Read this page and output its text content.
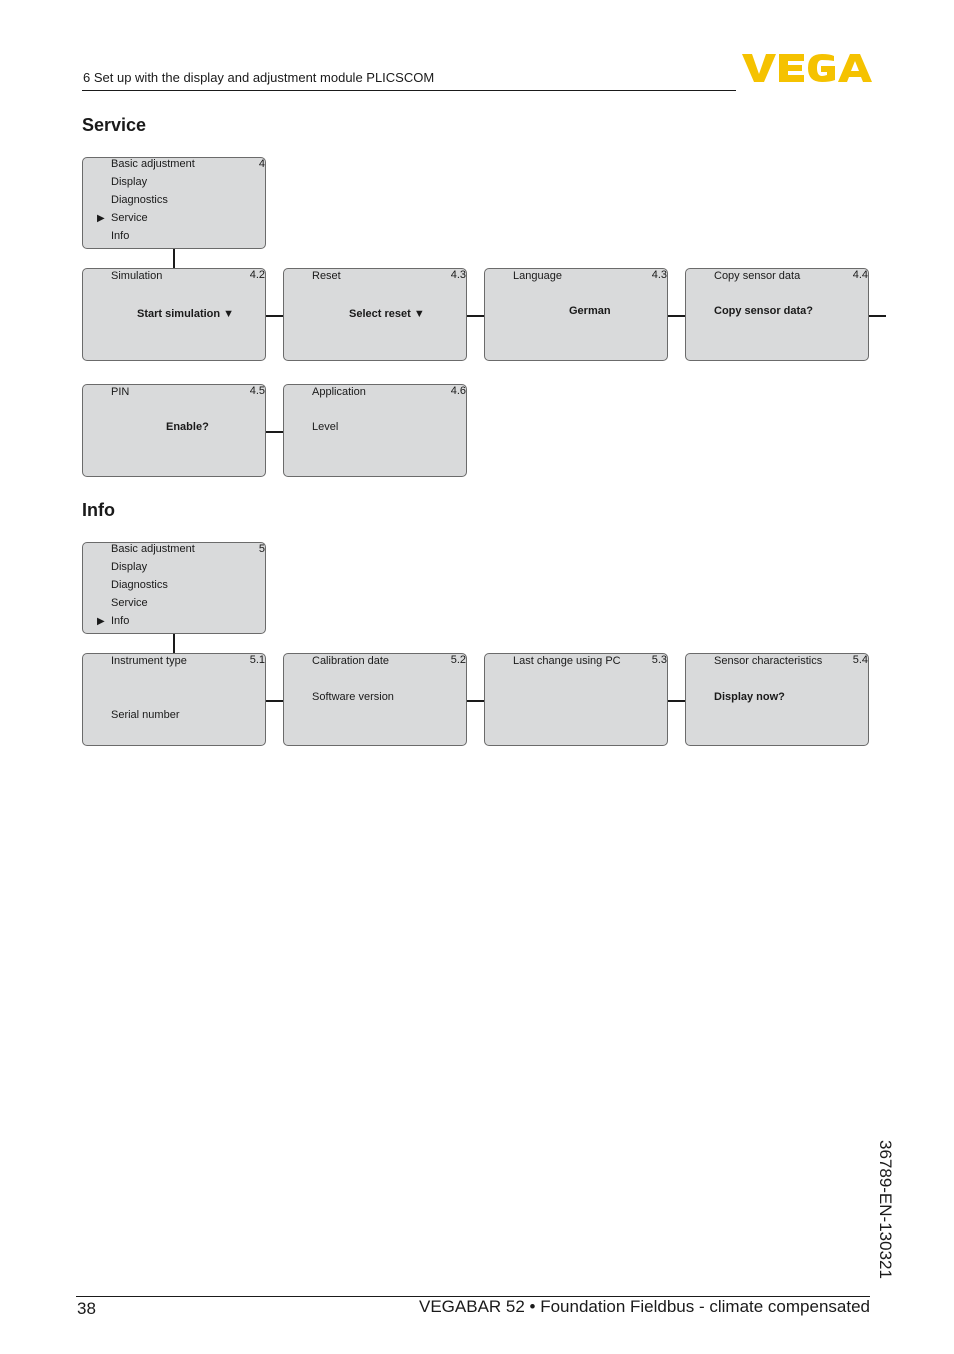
6 Set up with the display and adjustment module PLICSCOM
Service
4
Basic adjustment
Display
Diagnostics
▶ Service
Info
Simulation	4.2
Start simulation ▼
Reset	4.3
Select reset ▼
Language	4.3
German
Copy sensor data	4.4
Copy sensor data?
PIN	4.5
Enable?
Application	4.6
Level
Info
5
Basic adjustment
Display
Diagnostics
Service
▶ Info
Instrument type	5.1
Serial number
Calibration date	5.2
Software version
Last change using PC	5.3	Sensor characteristics	5.4
Display now?
36789-EN-130321
38	VEGABAR 52 • Foundation Fieldbus - climate compensated
